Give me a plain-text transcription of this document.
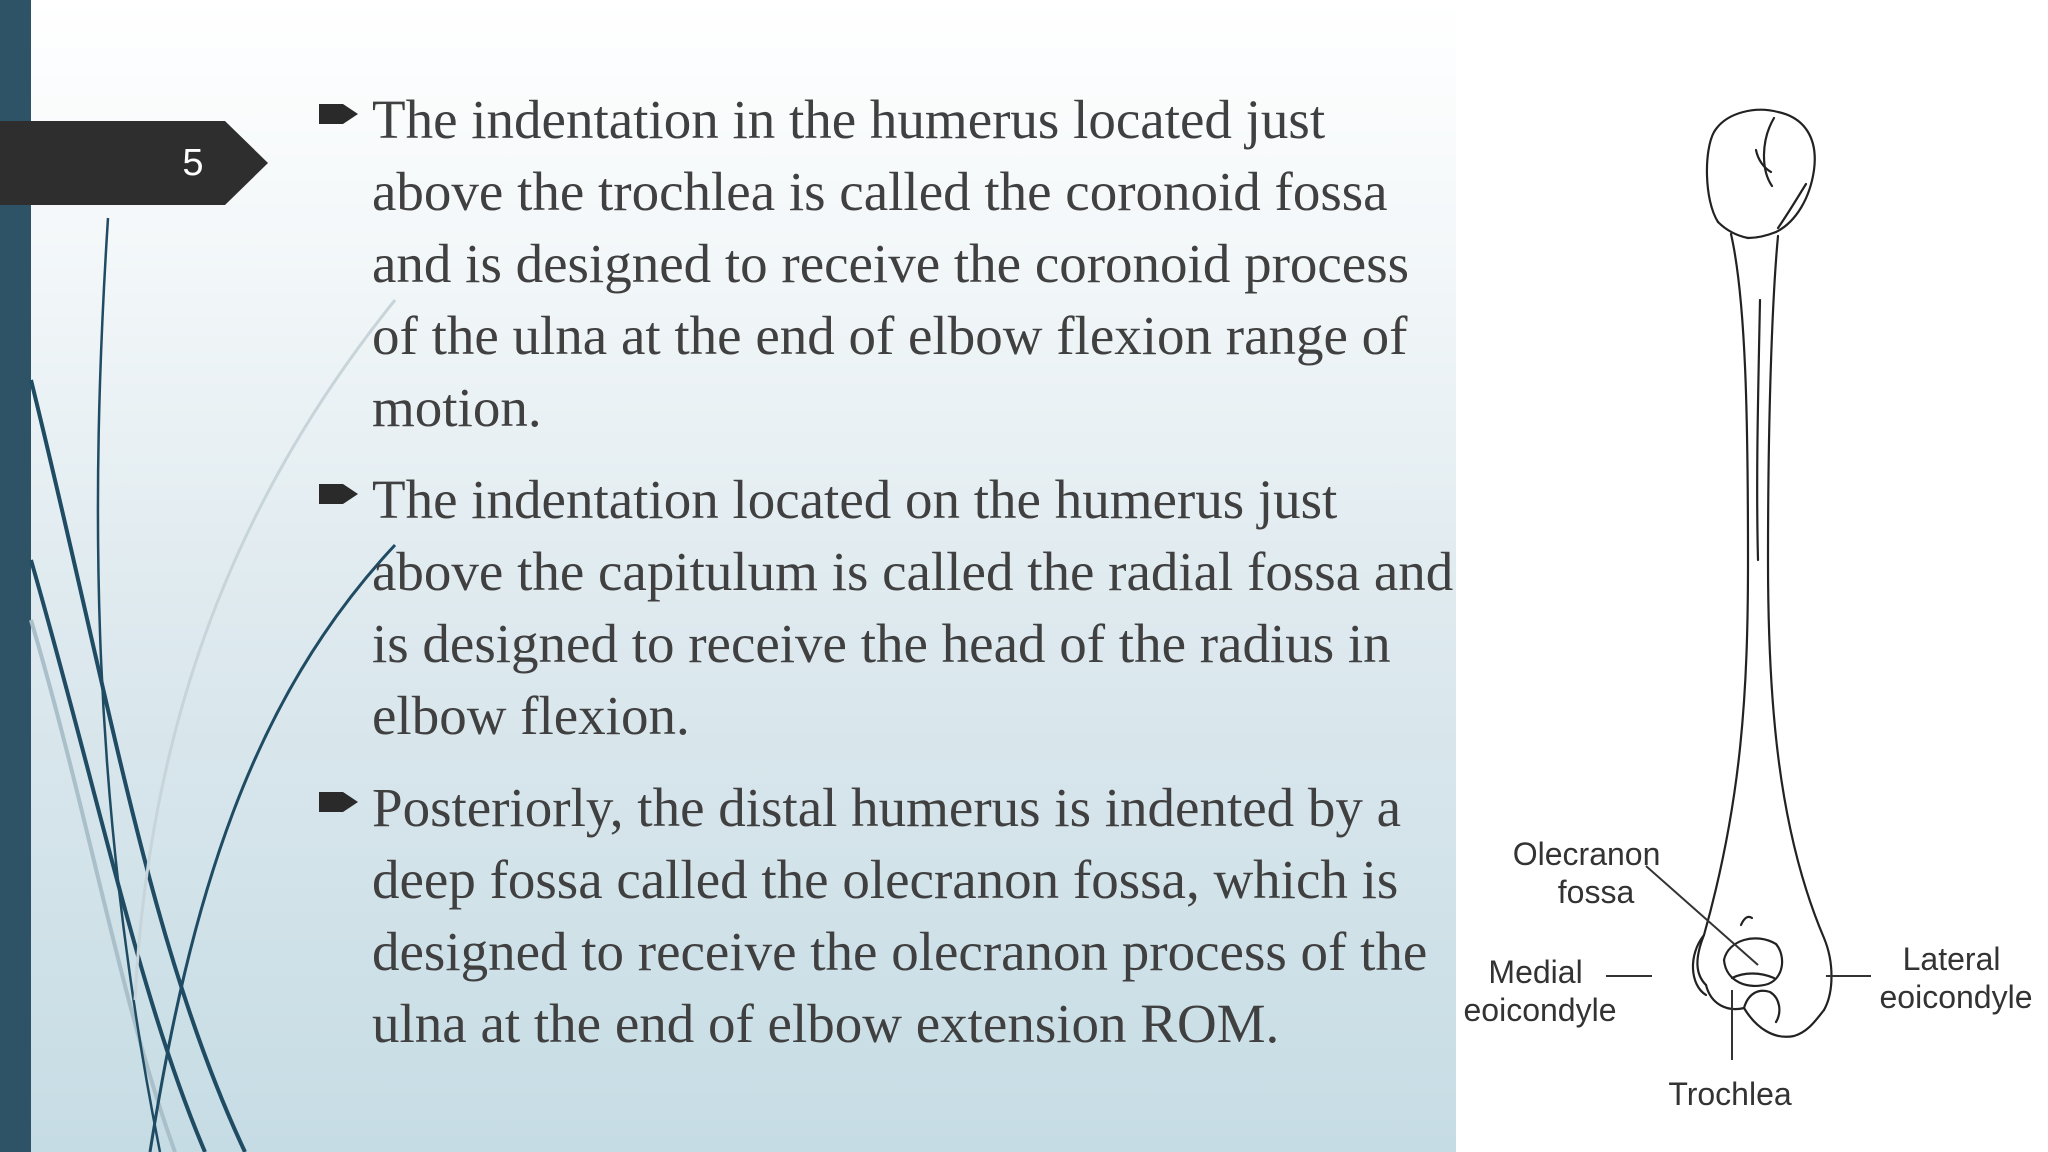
5
The indentation in the humerus located just above the trochlea is called the coronoid fossa and is designed to receive the coronoid process of the ulna at the end of elbow flexion range of motion.
The indentation located on the humerus just above the capitulum is called the radial fossa and is designed to receive the head of the radius in elbow flexion.
Posteriorly, the distal humerus is indented by a deep fossa called the olecranon fossa, which is designed to receive the olecranon process of the ulna at the end of elbow extension ROM.
Olecranon fossa
Medial eoicondyle
Lateral eoicondyle
Trochlea
